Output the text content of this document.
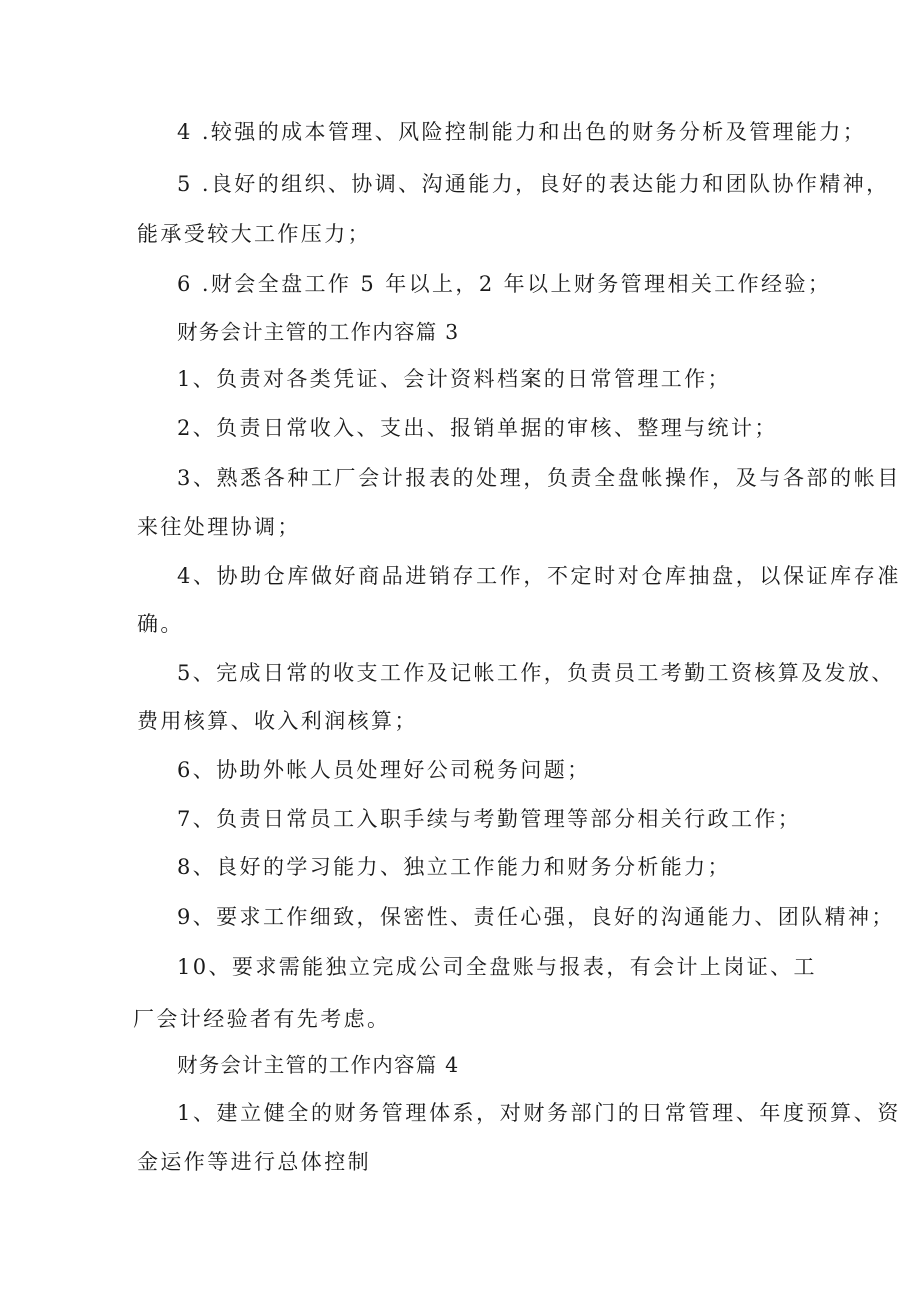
4 .较强的成本管理、风险控制能力和出色的财务分析及管理能力；
5 .良好的组织、协调、沟通能力，良好的表达能力和团队协作精神，
能承受较大工作压力；
6 .财会全盘工作 5 年以上，2 年以上财务管理相关工作经验；
财务会计主管的工作内容篇 3
1、负责对各类凭证、会计资料档案的日常管理工作；
2、负责日常收入、支出、报销单据的审核、整理与统计；
3、熟悉各种工厂会计报表的处理，负责全盘帐操作，及与各部的帐目
来往处理协调；
4、协助仓库做好商品进销存工作，不定时对仓库抽盘，以保证库存准
确。
5、完成日常的收支工作及记帐工作，负责员工考勤工资核算及发放、
费用核算、收入利润核算；
6、协助外帐人员处理好公司税务问题；
7、负责日常员工入职手续与考勤管理等部分相关行政工作；
8、良好的学习能力、独立工作能力和财务分析能力；
9、要求工作细致，保密性、责任心强，良好的沟通能力、团队精神；
10、要求需能独立完成公司全盘账与报表，有会计上岗证、工
厂会计经验者有先考虑。
财务会计主管的工作内容篇 4
1、建立健全的财务管理体系，对财务部门的日常管理、年度预算、资
金运作等进行总体控制
